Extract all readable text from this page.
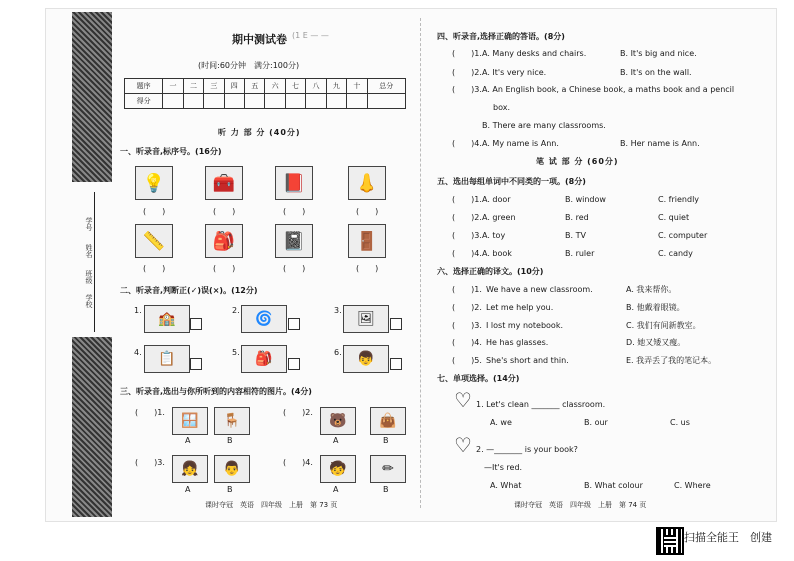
学校
班级
姓名
学号
期中测试卷
(时间:60分钟　满分:100分)
(1 E — —
题序	一	二	三	四	五	六	七	八	九	十	总分
得分											
听 力 部 分 (40分)
一、听录音,标序号。(16分)
💡	🧰	📕	👃
(　　)	(　　)	(　　)	(　　)
📏	🎒	📓	🚪
(　　)	(　　)	(　　)	(　　)
二、听录音,判断正(✓)误(×)。(12分)
1.
🏫
2.
🌀
3.
🖼
4.	📋	5.	🎒	6.	👦
三、听录音,选出与你所听到的内容相符的图片。(4分)
(　　)1.
🪟	🪑
A	B
(　　)2.
🐻	👜
A	B
(　　)3.	👧	👨
A	B
(　　)4.	🧒	✏
A	B
课时夺冠　英语　四年级　上册　第 73 页
四、听录音,选择正确的答语。(8分)
(　　)1. A. Many desks and chairs.	B. It's big and nice.
(　　)2. A. It's very nice.	B. It's on the wall.
(　　)3. A. An English book, a Chinese book, a maths book and a pencil
box.
B. There are many classrooms.
(　　)4. A. My name is Ann.	B. Her name is Ann.
笔 试 部 分 (60分)
五、选出每组单词中不同类的一项。(8分)
(　　)1. A. door	B. window	C. friendly
(　　)2. A. green	B. red	C. quiet
(　　)3. A. toy	B. TV	C. computer
(　　)4. A. book	B. ruler	C. candy
六、选择正确的译文。(10分)
(　　)1. We have a new classroom.	A. 我来帮你。
(　　)2. Let me help you.	B. 他戴着眼镜。
(　　)3. I lost my notebook.	C. 我们有间新教室。
(　　)4. He has glasses.	D. 她又矮又瘦。
(　　)5. She's short and thin.	E. 我弄丢了我的笔记本。
七、单项选择。(14分)
♡ 1. Let's clean _______ classroom.
A. we	B. our	C. us
♡ 2. —_______ is your book?
—It's red.
A. What	B. What colour	C. Where
课时夺冠　英语　四年级　上册　第 74 页
扫描全能王　创建
